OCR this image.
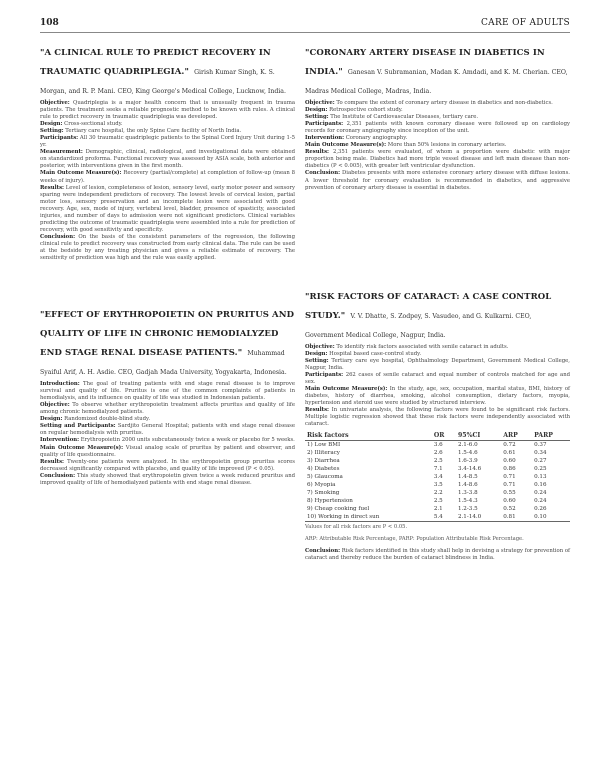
108	CARE OF ADULTS
"A CLINICAL RULE TO PREDICT RECOVERY IN TRAUMATIC QUADRIPLEGIA." Girish Kumar Singh, K. S. Morgan, and R. P. Mani. CEO, King George's Medical College, Lucknow, India.

Objective: Quadriplegia is a major health concern that is unusually frequent in trauma patients. The treatment seeks a reliable prognostic method to be known with rules. A clinical rule to predict recovery in traumatic quadriplegia was developed.

Design: Cross-sectional study.

Setting: Tertiary care hospital, the only Spine Care facility of North India.

Participants: All 30 traumatic quadriplegic patients to the Spinal Cord Injury Unit during 1-5 yr.

Measurement: Demographic, clinical, radiological, and investigational data were obtained on standardized proforma. Functional recovery was assessed by ASIA scale, both anterior and posterior, with interventions given in the first month.

Main Outcome Measure(s): Recovery (partial/complete) at completion of follow-up (mean 8 weeks of injury).

Results: Level of lesion, completeness of lesion, sensory level, early motor power and sensory sparing were independent predictors of recovery. The lowest levels of cervical lesion, partial motor loss, sensory preservation and an incomplete lesion were associated with good recovery. Age, sex, mode of injury, vertebral level, bladder, presence of spasticity, associated injuries, and number of days to admission were not significant predictors. Clinical variables predicting the outcome of traumatic quadriplegia were assembled into a rule for prediction of recovery, with good sensitivity and specificity.

Conclusion: On the basis of the consistent parameters of the regression, the following clinical rule to predict recovery was constructed from early clinical data. The rule can be used at the bedside by any treating physician and gives a reliable estimate of recovery. The sensitivity of prediction was high and the rule was easily applied.

"EFFECT OF ERYTHROPOIETIN ON PRURITUS AND QUALITY OF LIFE IN CHRONIC HEMODIALYZED END STAGE RENAL DISEASE PATIENTS." Muhammad Syaiful Arif, A. H. Asdie. CEO, Gadjah Mada University, Yogyakarta, Indonesia.

Introduction: The goal of treating patients with end stage renal disease is to improve survival and quality of life. Pruritus is one of the common complaints of patients in hemodialysis, and its influence on quality of life was studied in Indonesian patients.

Objective: To observe whether erythropoietin treatment affects pruritus and quality of life among chronic hemodialyzed patients.

Design: Randomized double-blind study.

Setting and Participants: Sardjito General Hospital; patients with end stage renal disease on regular hemodialysis with pruritus.

Intervention: Erythropoietin 2000 units subcutaneously twice a week or placebo for 5 weeks.

Main Outcome Measure(s): Visual analog scale of pruritus by patient and observer, and quality of life questionnaire.

Results: Twenty-one patients were analyzed. In the erythropoietin group pruritus scores decreased significantly compared with placebo, and quality of life improved (P < 0.05).

Conclusion: This study showed that erythropoietin given twice a week reduced pruritus and improved quality of life of hemodialyzed patients with end stage renal disease.

"CORONARY ARTERY DISEASE IN DIABETICS IN INDIA." Ganesan V. Subramanian, Madan K. Amdadi, and K. M. Cherian. CEO, Madras Medical College, Madras, India.

Objective: To compare the extent of coronary artery disease in diabetics and non-diabetics.

Design: Retrospective cohort study.

Setting: The Institute of Cardiovascular Diseases, tertiary care.

Participants: 2,351 patients with known coronary disease were followed up on cardiology records for coronary angiography since inception of the unit.

Intervention: Coronary angiography.

Main Outcome Measure(s): More than 50% lesions in coronary arteries.

Results: 2,351 patients were evaluated, of whom a proportion were diabetic with major proportion being male. Diabetics had more triple vessel disease and left main disease than non-diabetics (P < 0.005), with greater left ventricular dysfunction.

Conclusion: Diabetes presents with more extensive coronary artery disease with diffuse lesions. A lower threshold for coronary evaluation is recommended in diabetics, and aggressive prevention of coronary artery disease is essential in diabetes.

"RISK FACTORS OF CATARACT: A CASE CONTROL STUDY." V. V. Dhatte, S. Zodpey, S. Vasudeo, and G. Kulkarni. CEO, Government Medical College, Nagpur, India.

Objective: To identify risk factors associated with senile cataract in adults.

Design: Hospital based case-control study.

Setting: Tertiary care eye hospital, Ophthalmology Department, Government Medical College, Nagpur, India.

Participants: 262 cases of senile cataract and equal number of controls matched for age and sex.

Main Outcome Measure(s): In the study, age, sex, occupation, marital status, BMI, history of diabetes, history of diarrhea, smoking, alcohol consumption, dietary factors, myopia, hypertension and steroid use were studied by structured interview.

Results: In univariate analysis, the following factors were found to be significant risk factors. Multiple logistic regression showed that these risk factors were independently associated with cataract.

Risk factors	OR	95%CI	ARP	PARP
1) Low BMI	3.6	2.1-6.0	0.72	0.37
2) Illiteracy	2.6	1.5-4.6	0.61	0.34
3) Diarrhea	2.5	1.6-3.9	0.60	0.27
4) Diabetes	7.1	3.4-14.6	0.86	0.25
5) Glaucoma	3.4	1.4-8.5	0.71	0.13
6) Myopia	3.5	1.4-8.6	0.71	0.16
7) Smoking	2.2	1.3-3.8	0.55	0.24
8) Hypertension	2.5	1.5-4.3	0.60	0.24
9) Cheap cooking fuel	2.1	1.2-3.5	0.52	0.26
10) Working in direct sun	5.4	2.1-14.0	0.81	0.10

Values for all risk factors are P < 0.05.

ARP: Attributable Risk Percentage, PARP: Population Attributable Risk Percentage.

Conclusion: Risk factors identified in this study shall help in devising a strategy for prevention of cataract and thereby reduce the burden of cataract blindness in India.
